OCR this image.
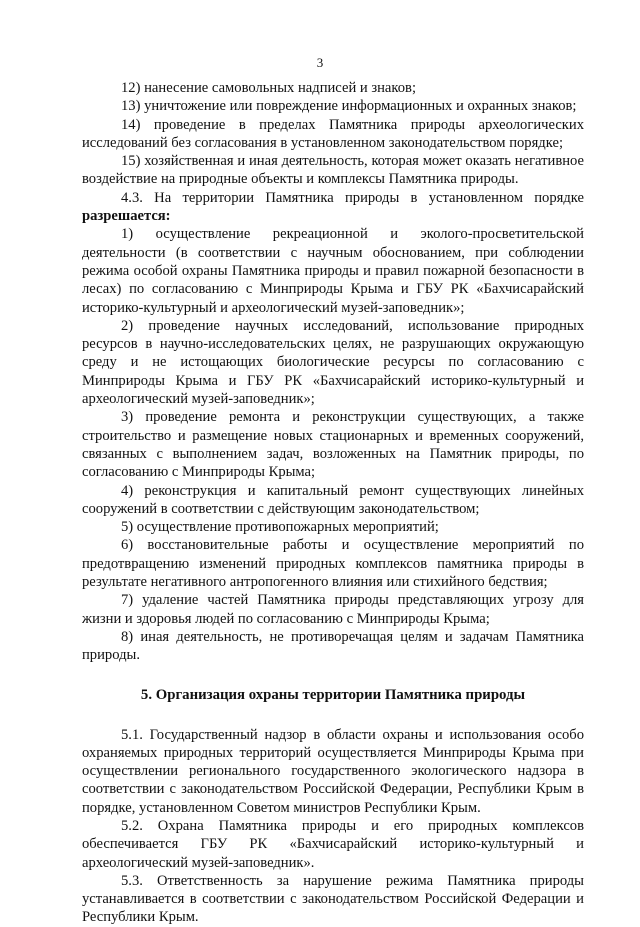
3

12) нанесение самовольных надписей и знаков;

13) уничтожение или повреждение информационных и охранных знаков;

14) проведение в пределах Памятника природы археологических исследований без согласования в установленном законодательством порядке;

15) хозяйственная и иная деятельность, которая может оказать негативное воздействие на природные объекты и комплексы Памятника природы.

4.3. На территории Памятника природы в установленном порядке разрешается:

1) осуществление рекреационной и эколого-просветительской деятельности (в соответствии с научным обоснованием, при соблюдении режима особой охраны Памятника природы и правил пожарной безопасности в лесах) по согласованию с Минприроды Крыма и ГБУ РК «Бахчисарайский историко-культурный и археологический музей-заповедник»;

2) проведение научных исследований, использование природных ресурсов в научно-исследовательских целях, не разрушающих окружающую среду и не истощающих биологические ресурсы по согласованию с Минприроды Крыма и ГБУ РК «Бахчисарайский историко-культурный и археологический музей-заповедник»;

3) проведение ремонта и реконструкции существующих, а также строительство и размещение новых стационарных и временных сооружений, связанных с выполнением задач, возложенных на Памятник природы, по согласованию с Минприроды Крыма;

4) реконструкция и капитальный ремонт существующих линейных сооружений в соответствии с действующим законодательством;

5) осуществление противопожарных мероприятий;

6) восстановительные работы и осуществление мероприятий по предотвращению изменений природных комплексов памятника природы в результате негативного антропогенного влияния или стихийного бедствия;

7) удаление частей Памятника природы представляющих угрозу для жизни и здоровья людей по согласованию с Минприроды Крыма;

8) иная деятельность, не противоречащая целям и задачам Памятника природы.

5. Организация охраны территории Памятника природы

5.1. Государственный надзор в области охраны и использования особо охраняемых природных территорий осуществляется Минприроды Крыма при осуществлении регионального государственного экологического надзора в соответствии с законодательством Российской Федерации, Республики Крым в порядке, установленном Советом министров Республики Крым.

5.2. Охрана Памятника природы и его природных комплексов обеспечивается ГБУ РК «Бахчисарайский историко-культурный и археологический музей-заповедник».

5.3. Ответственность за нарушение режима Памятника природы устанавливается в соответствии с законодательством Российской Федерации и Республики Крым.
